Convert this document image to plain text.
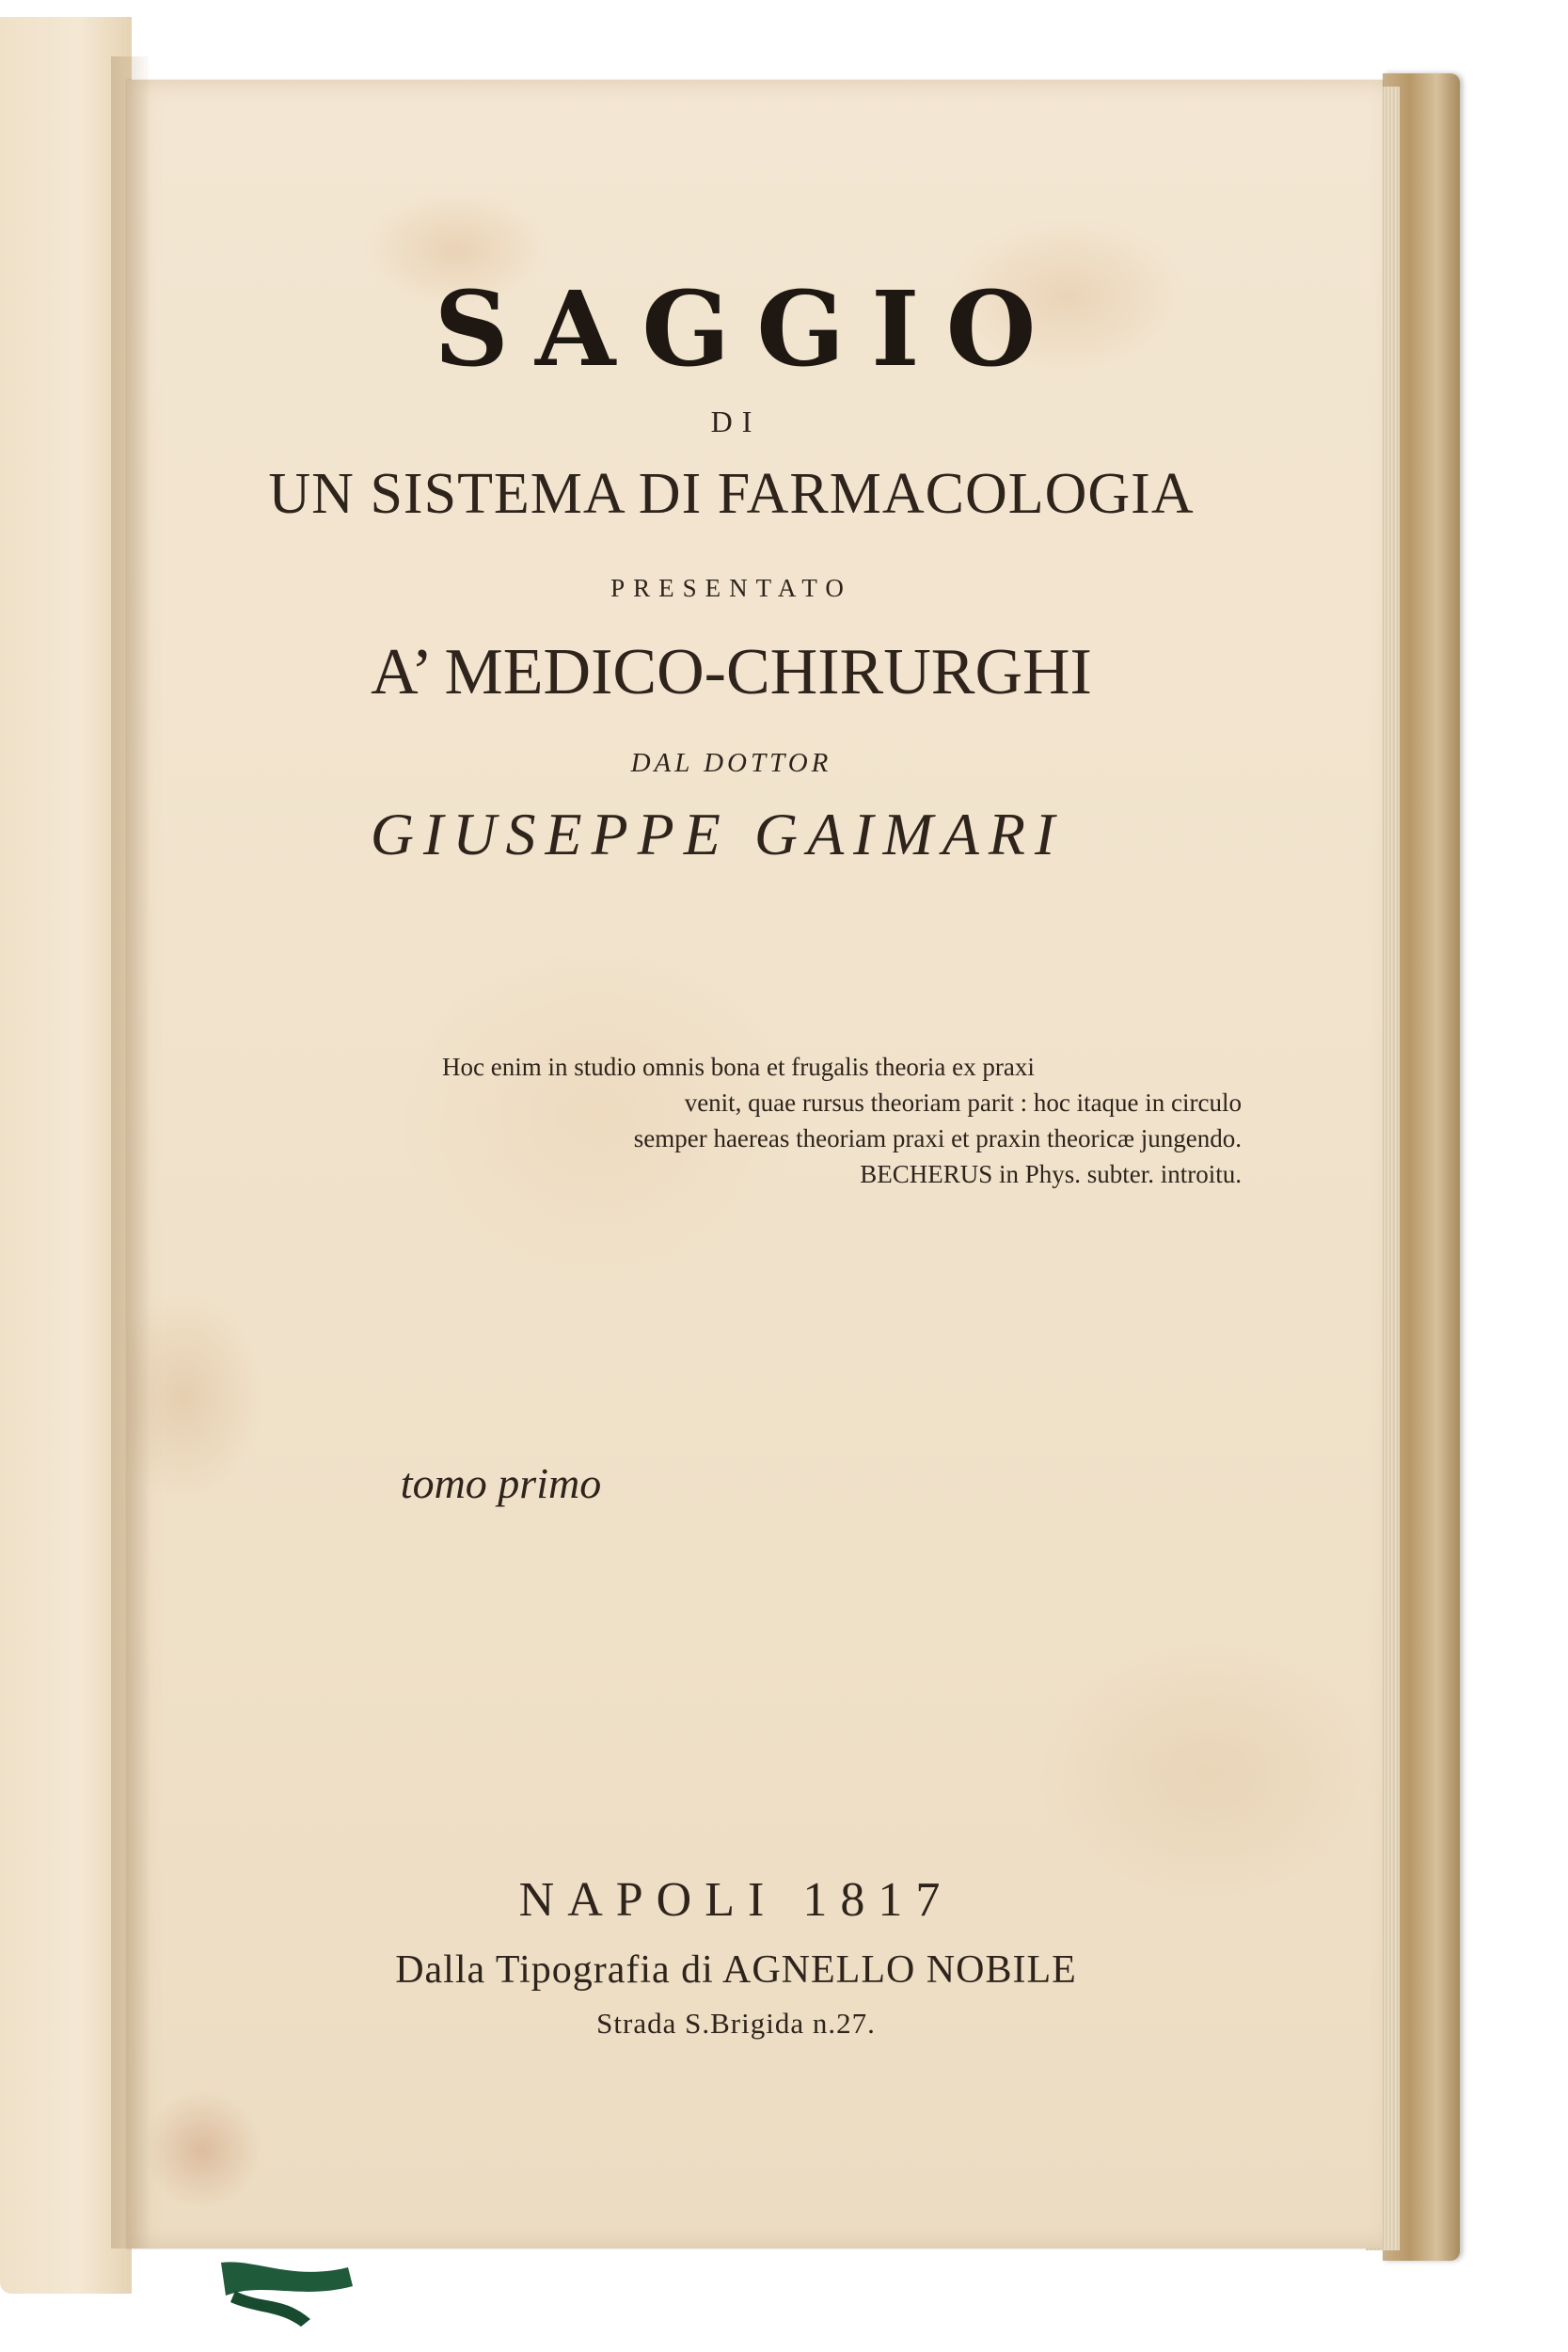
SAGGIO
DI
UN SISTEMA DI FARMACOLOGIA
PRESENTATO
A’ MEDICO-CHIRURGHI
DAL DOTTOR
GIUSEPPE GAIMARI
Hoc enim in studio omnis bona et frugalis theoria ex praxi
venit, quae rursus theoriam parit : hoc itaque in circulo
semper haereas theoriam praxi et praxin theoricæ jungendo.
BECHERUS in Phys. subter. introitu.
tomo primo
NAPOLI 1817
Dalla Tipografia di AGNELLO NOBILE
Strada S.Brigida n.27.
